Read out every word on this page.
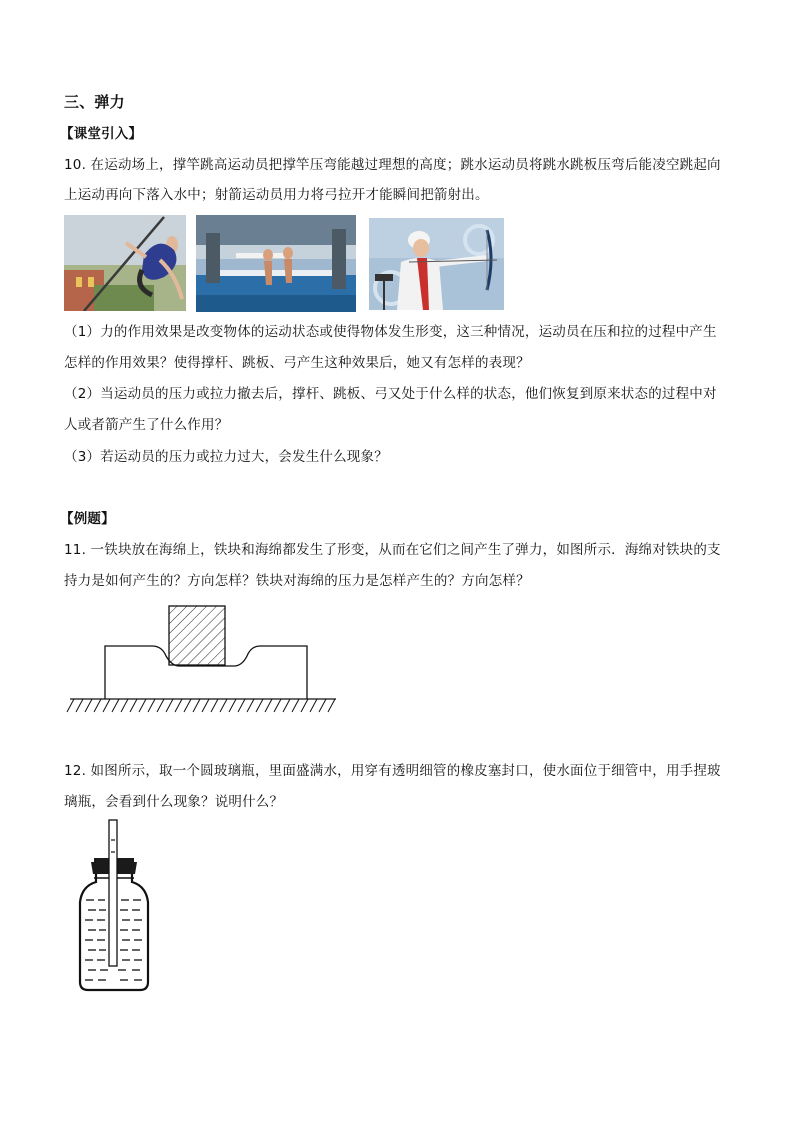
三、弹力
【课堂引入】
10. 在运动场上，撑竿跳高运动员把撑竿压弯能越过理想的高度；跳水运动员将跳水跳板压弯后能凌空跳起向
上运动再向下落入水中；射箭运动员用力将弓拉开才能瞬间把箭射出。
（1）力的作用效果是改变物体的运动状态或使得物体发生形变，这三种情况，运动员在压和拉的过程中产生
怎样的作用效果？使得撑杆、跳板、弓产生这种效果后，她又有怎样的表现？
（2）当运动员的压力或拉力撤去后，撑杆、跳板、弓又处于什么样的状态，他们恢复到原来状态的过程中对
人或者箭产生了什么作用？
（3）若运动员的压力或拉力过大，会发生什么现象？
【例题】
11. 一铁块放在海绵上，铁块和海绵都发生了形变，从而在它们之间产生了弹力，如图所示．海绵对铁块的支
持力是如何产生的？方向怎样？铁块对海绵的压力是怎样产生的？方向怎样？
12. 如图所示，取一个圆玻璃瓶，里面盛满水，用穿有透明细管的橡皮塞封口，使水面位于细管中，用手捏玻
璃瓶，会看到什么现象？说明什么？
